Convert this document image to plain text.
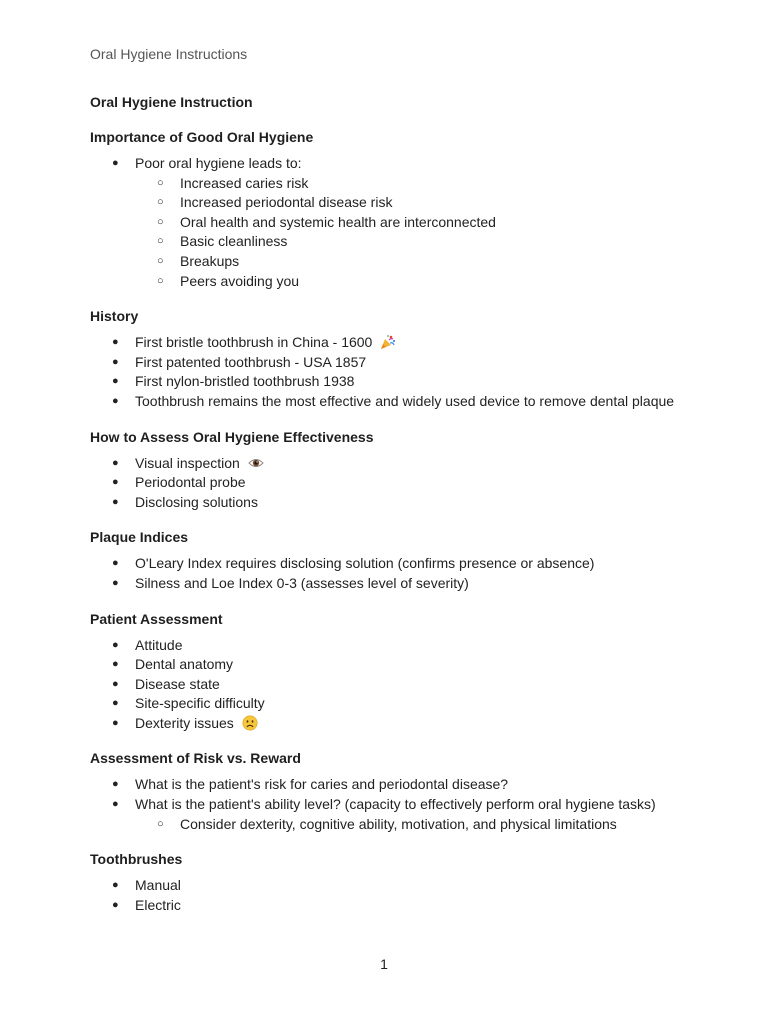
Oral Hygiene Instructions
Oral Hygiene Instruction
Importance of Good Oral Hygiene
● Poor oral hygiene leads to:
○ Increased caries risk
○ Increased periodontal disease risk
○ Oral health and systemic health are interconnected
○ Basic cleanliness
○ Breakups
○ Peers avoiding you
History
● First bristle toothbrush in China - 1600
● First patented toothbrush - USA 1857
● First nylon-bristled toothbrush 1938
● Toothbrush remains the most effective and widely used device to remove dental plaque
How to Assess Oral Hygiene Effectiveness
● Visual inspection
● Periodontal probe
● Disclosing solutions
Plaque Indices
● O'Leary Index requires disclosing solution (confirms presence or absence)
● Silness and Loe Index 0-3 (assesses level of severity)
Patient Assessment
● Attitude
● Dental anatomy
● Disease state
● Site-specific difficulty
● Dexterity issues
Assessment of Risk vs. Reward
● What is the patient's risk for caries and periodontal disease?
● What is the patient's ability level? (capacity to effectively perform oral hygiene tasks)
○ Consider dexterity, cognitive ability, motivation, and physical limitations
Toothbrushes
● Manual
● Electric
1
